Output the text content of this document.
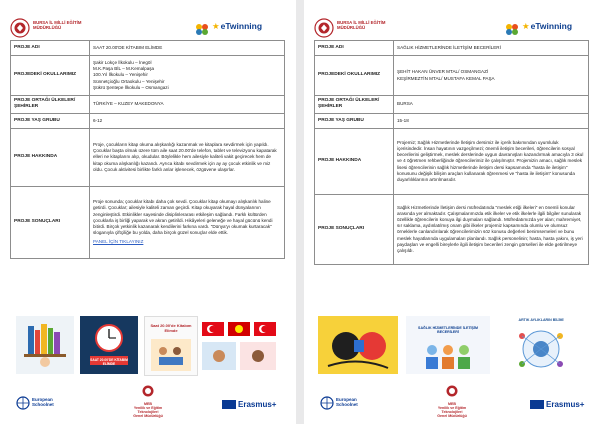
BURSA İL MİLLİ EĞİTİM MÜDÜRLÜĞÜ	★eTwinning
PROJE ADI	SAAT 20.00'DE KİTABIM ELİMDE
PROJEDEKİ OKULLARIMIZ	Şakir Lokçe İlkokulu – İnegöl
M.K.Paşa BİL – M.Kemalpaşa
100.Yıl İlkokulu – Yenişehir
Sünnetçioğlu Ortaokulu – Yenişehir
Şükrü Şentepe İlkokulu – Osmangazi

PROJE ORTAĞI ÜLKELER/ŞEHİRLER	TÜRKİYE – KUZEY MAKEDONYA
PROJE YAŞ GRUBU	6-12
PROJE HAKKINDA	Proje, çocukların kitap okuma alışkanlığı kazanmak ve kitaplara sevdirmek için yapıldı. Çocuklar başta olmak üzere tüm aile saat 20.00'de telefon, tablet ve televizyonu kapatarak elleri ne kitaplarını alıp, okudular. Böylelikle hem ailesiyle kaliteli vakit geçirecek hem de kitap okuma alışkanlığı kazandı. Ayrıca kitabı sevdirmek için ay ay çocuk etkinlik ve miz oldu. Çocuk aktivitesi birlikte farklı anlar işlenecek, özgüvene ulaşırlar.
PROJE SONUÇLARI	Proje sonunda; çocuklar kitabı daha çok sevdi. Çocuklar kitap okumayı alışkanlık haline getirdi. Çocuklar; ailesiyle kaliteli zaman geçirdi. Kitap okuyarak hayal dünyalarının zenginleştirdi. Etkinlikler sayesinde disiplinlerarası etkileşim sağlandı. Farklı kültürden çocuklarla iş birliği yaparak ve akran getirildi. Hikâyeleri geleneğe ve hayal gücünü kendi bitirdi. Birçok yetkinlik kazanarak kendilerini farkına vardı. "Dünya'yı okumak kurtaracak" sloganıyla çiftçiliğe bu yolda, daha birçok güzel sonuçlar elde ettik.
PANEL İÇİN TIKLAYINIZ
SAAT 20.00'DE KİTABIM ELİMDE
Saat 20.00'de Kitabım Elimde
European Schoolnet	MEB
Yenilik ve Eğitim Teknolojileri
Genel Müdürlüğü
Erasmus+
BURSA İL MİLLİ EĞİTİM MÜDÜRLÜĞÜ	★eTwinning
PROJE ADI	SAĞLIK HİZMETLERİNDE İLETİŞİM BECERİLERİ
PROJEDEKİ OKULLARIMIZ	ŞEHİT HAKAN ÜNVER MTAL/ OSMANGAZİ
KEŞİRMEZTİN MTAL/ MUSTAFA KEMAL PAŞA

PROJE ORTAĞI ÜLKELER/ŞEHİRLER	BURSA
PROJE YAŞ GRUBU	15-18
PROJE HAKKINDA	Projemiz; Sağlık Hizmetlerinde İletişim dersimiz ile içerik bakımından uyumluluk içerisindedir. İnsan hayatının vazgeçilmezi; önemli iletişim becerileri, öğrencilerin sosyal becerilerini geliştirmek, meslek derslerinde uygun davranışları kazandırmak amacıyla 3 okul ve 4 öğretmen rehberliğinde öğrencilerimiz ile çalışılmıştır. Projemizin amacı, sağlık meslek lisesi öğrencilerinin sağlık hizmetlerinde iletişim dersi kapsamında "hasta ile iletişim" konusunu değişik bilişim araçları kullanarak öğrenmesi ve "hasta ile iletişim" konusunda duyarlılıklarının artırılmasıdır.
PROJE SONUÇLARI	Sağlık Hizmetlerinde İletişim dersi müfredatında "meslek etiği ilkeleri" en önemli konular arasında yer almaktadır. Çalışmalarımızda etik ilkeler ve etik ilkelerle ilgili bilgiler sunularak özellikle öğrencilerin konuya ilgi duymaları sağlandı. Müfredatımızda yer alan; mahremiyet, sır saklama, aydınlatılmış onam gibi ilkeler projemiz kapsamında olumlu ve olumsuz örneklerle canlandırılarak öğrencilerimizin söz konusu değerleri benimsemeleri ve bunu meslek hayatlarında uygulamaları planlandı. Sağlık personelinin; hasta, hasta yakını, iş yeri paydaşları ve engelli bireylerle ilgili iletişim becerileri zengin görselleri ile elde getirilmeye çalışıldı.
SAĞLIK HİZMETLERİNDE İLETİŞİM BECERİLERİ
ARTIK AYLIKLARIN BİLİMİ
European Schoolnet	MEB
Yenilik ve Eğitim Teknolojileri
Genel Müdürlüğü
Erasmus+
